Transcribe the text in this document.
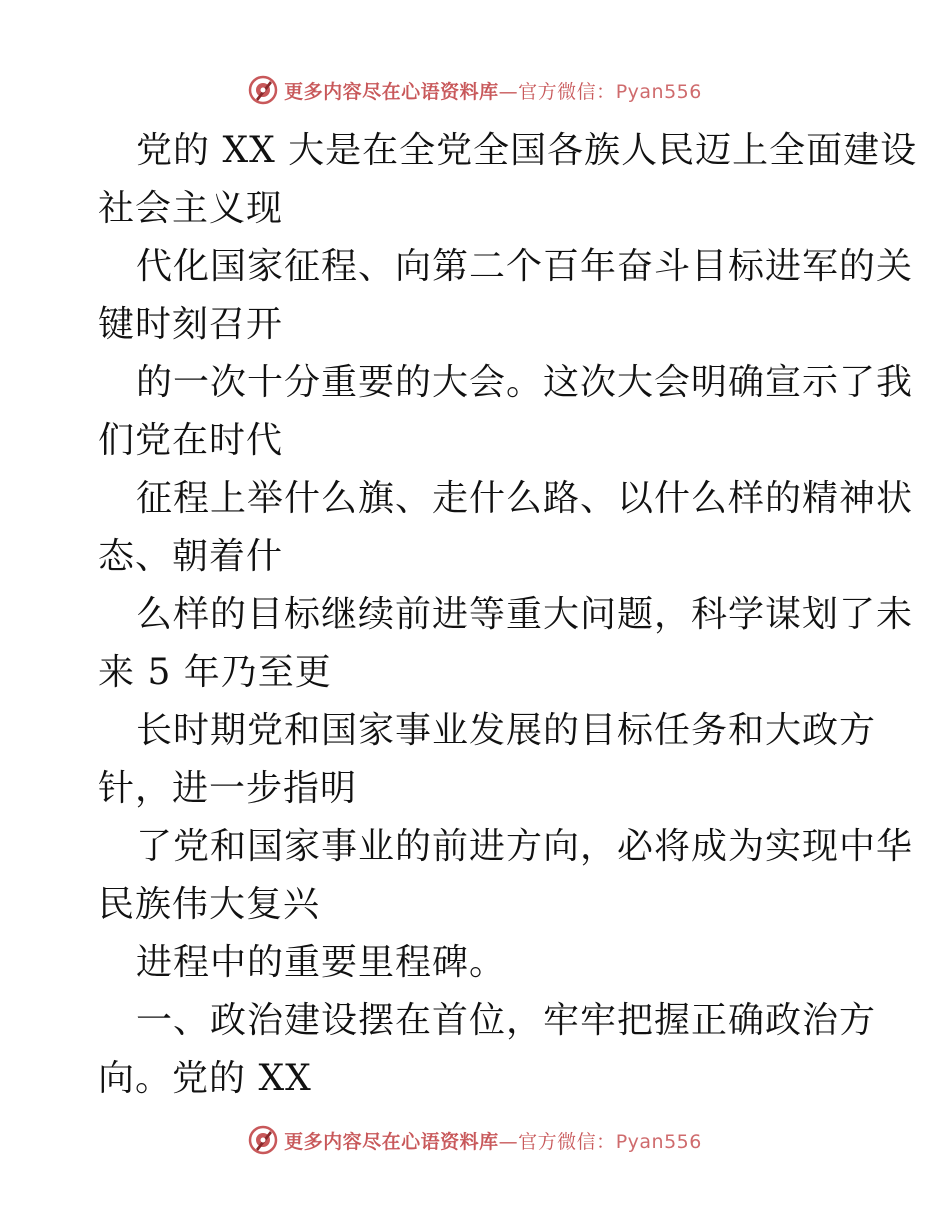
更多内容尽在心语资料库—官方微信：Pyan556
党的 XX 大是在全党全国各族人民迈上全面建设
社会主义现
代化国家征程、向第二个百年奋斗目标进军的关
键时刻召开
的一次十分重要的大会。这次大会明确宣示了我
们党在时代
征程上举什么旗、走什么路、以什么样的精神状
态、朝着什
么样的目标继续前进等重大问题，科学谋划了未
来 5 年乃至更
长时期党和国家事业发展的目标任务和大政方
针，进一步指明
了党和国家事业的前进方向，必将成为实现中华
民族伟大复兴
进程中的重要里程碑。
一、政治建设摆在首位，牢牢把握正确政治方
向。党的 XX
更多内容尽在心语资料库—官方微信：Pyan556
